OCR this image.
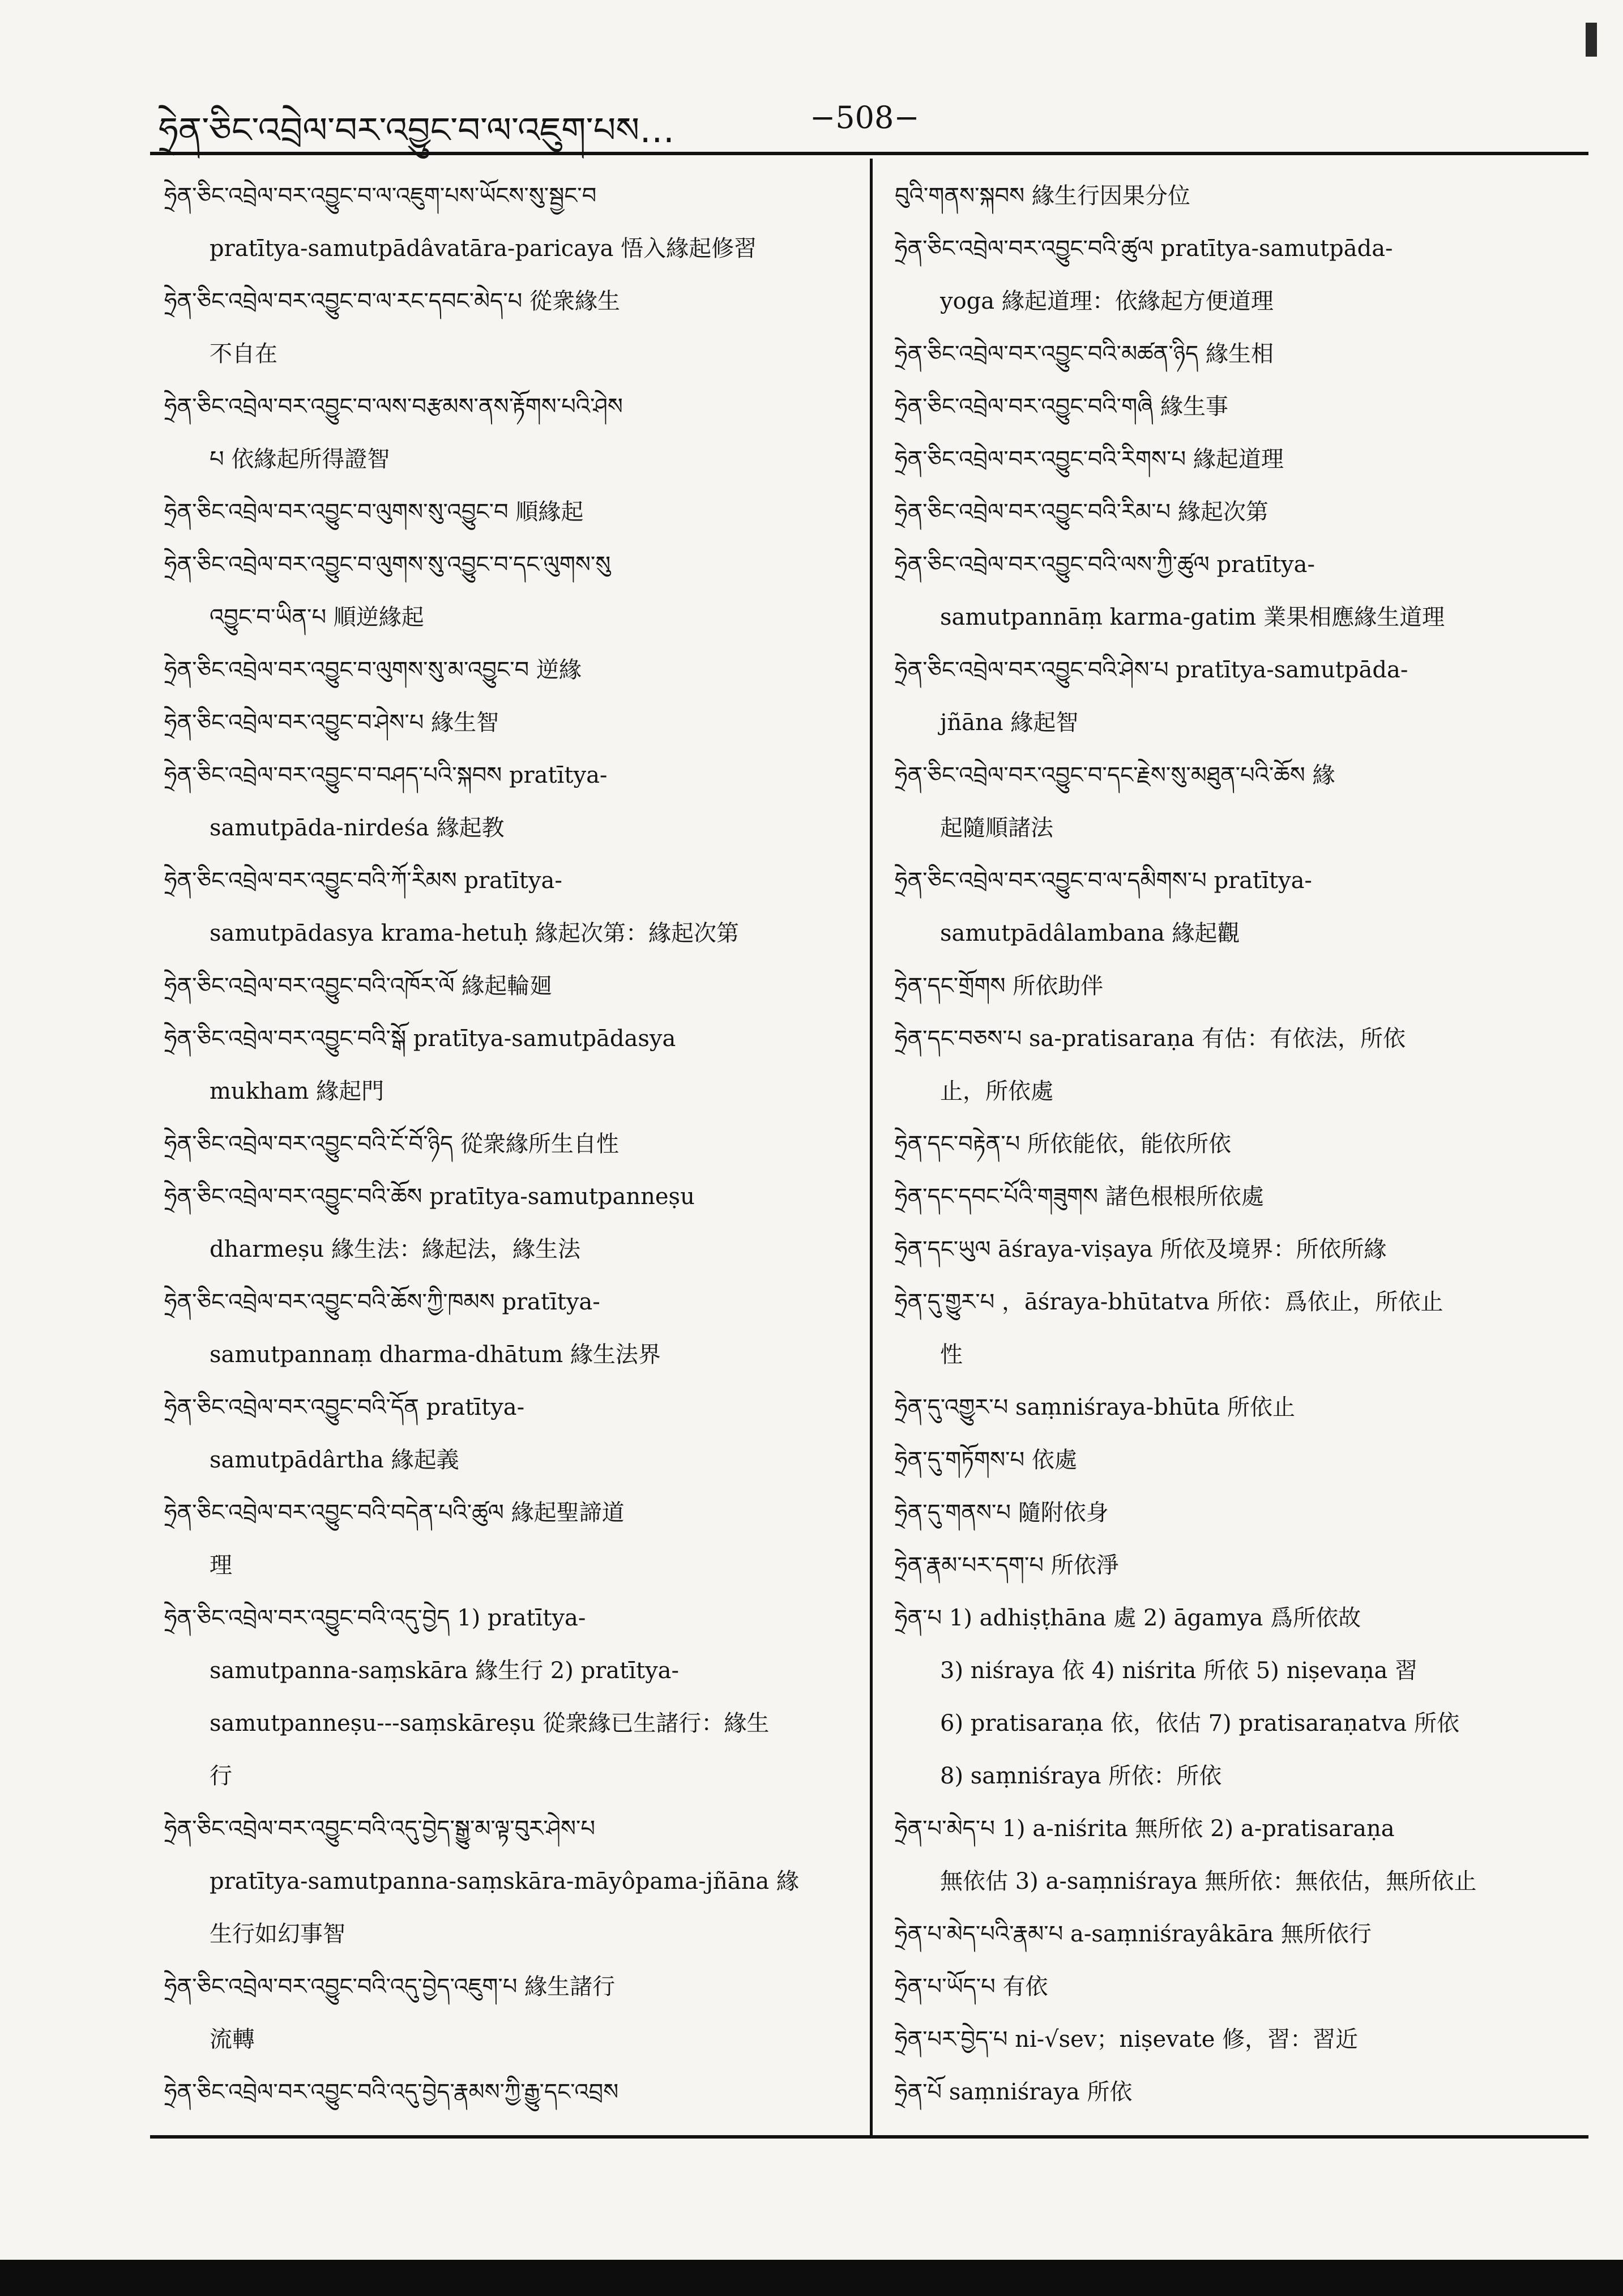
ཧྲེན་ཅིང་འབྲེལ་བར་འབྱུང་བ་ལ་འཇུག་པས…	−508−
ཧྲེན་ཅིང་འབྲེལ་བར་འབྱུང་བ་ལ་འཇུག་པས་ཡོངས་སུ་སྦྱང་བ
pratītya-samutpādâvatāra-paricaya 悟入緣起修習
ཧྲེན་ཅིང་འབྲེལ་བར་འབྱུང་བ་ལ་རང་དབང་མེད་པ 從衆緣生
不自在
ཧྲེན་ཅིང་འབྲེལ་བར་འབྱུང་བ་ལས་བརྩམས་ནས་རྟོགས་པའི་ཤེས
པ 依緣起所得證智
ཧྲེན་ཅིང་འབྲེལ་བར་འབྱུང་བ་ལུགས་སུ་འབྱུང་བ 順緣起
ཧྲེན་ཅིང་འབྲེལ་བར་འབྱུང་བ་ལུགས་སུ་འབྱུང་བ་དང་ལུགས་སུ
འབྱུང་བ་ཡིན་པ 順逆緣起
ཧྲེན་ཅིང་འབྲེལ་བར་འབྱུང་བ་ལུགས་སུ་མ་འབྱུང་བ 逆緣
ཧྲེན་ཅིང་འབྲེལ་བར་འབྱུང་བ་ཤེས་པ 緣生智
ཧྲེན་ཅིང་འབྲེལ་བར་འབྱུང་བ་བཤད་པའི་སྐབས pratītya-
samutpāda-nirdeśa 緣起教
ཧྲེན་ཅིང་འབྲེལ་བར་འབྱུང་བའི་ཀོ་རིམས pratītya-
samutpādasya krama-hetuḥ 緣起次第：緣起次第
ཧྲེན་ཅིང་འབྲེལ་བར་འབྱུང་བའི་འཁོར་ལོ 緣起輪廻
ཧྲེན་ཅིང་འབྲེལ་བར་འབྱུང་བའི་སྒོ pratītya-samutpādasya
mukham 緣起門
ཧྲེན་ཅིང་འབྲེལ་བར་འབྱུང་བའི་ངོ་བོ་ཉིད 從衆緣所生自性
ཧྲེན་ཅིང་འབྲེལ་བར་འབྱུང་བའི་ཆོས pratītya-samutpanneṣu
dharmeṣu 緣生法：緣起法，緣生法
ཧྲེན་ཅིང་འབྲེལ་བར་འབྱུང་བའི་ཆོས་ཀྱི་ཁམས pratītya-
samutpannaṃ dharma-dhātum 緣生法界
ཧྲེན་ཅིང་འབྲེལ་བར་འབྱུང་བའི་དོན pratītya-
samutpādârtha 緣起義
ཧྲེན་ཅིང་འབྲེལ་བར་འབྱུང་བའི་བདེན་པའི་ཚུལ 緣起聖諦道
理
ཧྲེན་ཅིང་འབྲེལ་བར་འབྱུང་བའི་འདུ་བྱེད 1) pratītya-
samutpanna-saṃskāra 緣生行 2) pratītya-
samutpanneṣu---saṃskāreṣu 從衆緣已生諸行：緣生
行
ཧྲེན་ཅིང་འབྲེལ་བར་འབྱུང་བའི་འདུ་བྱེད་སྒྱུ་མ་ལྟ་བུར་ཤེས་པ
pratītya-samutpanna-saṃskāra-māyôpama-jñāna 緣
生行如幻事智
ཧྲེན་ཅིང་འབྲེལ་བར་འབྱུང་བའི་འདུ་བྱེད་འཇུག་པ 緣生諸行
流轉
ཧྲེན་ཅིང་འབྲེལ་བར་འབྱུང་བའི་འདུ་བྱེད་རྣམས་ཀྱི་རྒྱུ་དང་འབྲས
བུའི་གནས་སྐབས 緣生行因果分位
ཧྲེན་ཅིང་འབྲེལ་བར་འབྱུང་བའི་ཚུལ pratītya-samutpāda-
yoga 緣起道理：依緣起方便道理
ཧྲེན་ཅིང་འབྲེལ་བར་འབྱུང་བའི་མཚན་ཉིད 緣生相
ཧྲེན་ཅིང་འབྲེལ་བར་འབྱུང་བའི་གཞི 緣生事
ཧྲེན་ཅིང་འབྲེལ་བར་འབྱུང་བའི་རིགས་པ 緣起道理
ཧྲེན་ཅིང་འབྲེལ་བར་འབྱུང་བའི་རིམ་པ 緣起次第
ཧྲེན་ཅིང་འབྲེལ་བར་འབྱུང་བའི་ལས་ཀྱི་ཚུལ pratītya-
samutpannāṃ karma-gatim 業果相應緣生道理
ཧྲེན་ཅིང་འབྲེལ་བར་འབྱུང་བའི་ཤེས་པ pratītya-samutpāda-
jñāna 緣起智
ཧྲེན་ཅིང་འབྲེལ་བར་འབྱུང་བ་དང་རྗེས་སུ་མཐུན་པའི་ཆོས 緣
起隨順諸法
ཧྲེན་ཅིང་འབྲེལ་བར་འབྱུང་བ་ལ་དམིགས་པ pratītya-
samutpādâlambana 緣起觀
ཧྲེན་དང་གྲོགས 所依助伴
ཧྲེན་དང་བཅས་པ sa-pratisaraṇa 有估：有依法，所依
止，所依處
ཧྲེན་དང་བརྟེན་པ 所依能依，能依所依
ཧྲེན་དང་དབང་པོའི་གཟུགས 諸色根根所依處
ཧྲེན་དང་ཡུལ āśraya-viṣaya 所依及境界：所依所緣
ཧྲེན་དུ་གྱུར་པ ，āśraya-bhūtatva 所依：爲依止，所依止
性
ཧྲེན་དུ་འགྱུར་པ saṃniśraya-bhūta 所依止
ཧྲེན་དུ་གཏོགས་པ 依處
ཧྲེན་དུ་གནས་པ 隨附依身
ཧྲེན་རྣམ་པར་དག་པ 所依淨
ཧྲེན་པ 1) adhiṣṭhāna 處 2) āgamya 爲所依故
3) niśraya 依 4) niśrita 所依 5) niṣevaṇa 習
6) pratisaraṇa 依，依估 7) pratisaraṇatva 所依
8) saṃniśraya 所依：所依
ཧྲེན་པ་མེད་པ 1) a-niśrita 無所依 2) a-pratisaraṇa
無依估 3) a-saṃniśraya 無所依：無依估，無所依止
ཧྲེན་པ་མེད་པའི་རྣམ་པ a-saṃniśrayâkāra 無所依行
ཧྲེན་པ་ཡོད་པ 有依
ཧྲེན་པར་བྱེད་པ ni-√sev；niṣevate 修，習：習近
ཧྲེན་པོ saṃniśraya 所依
